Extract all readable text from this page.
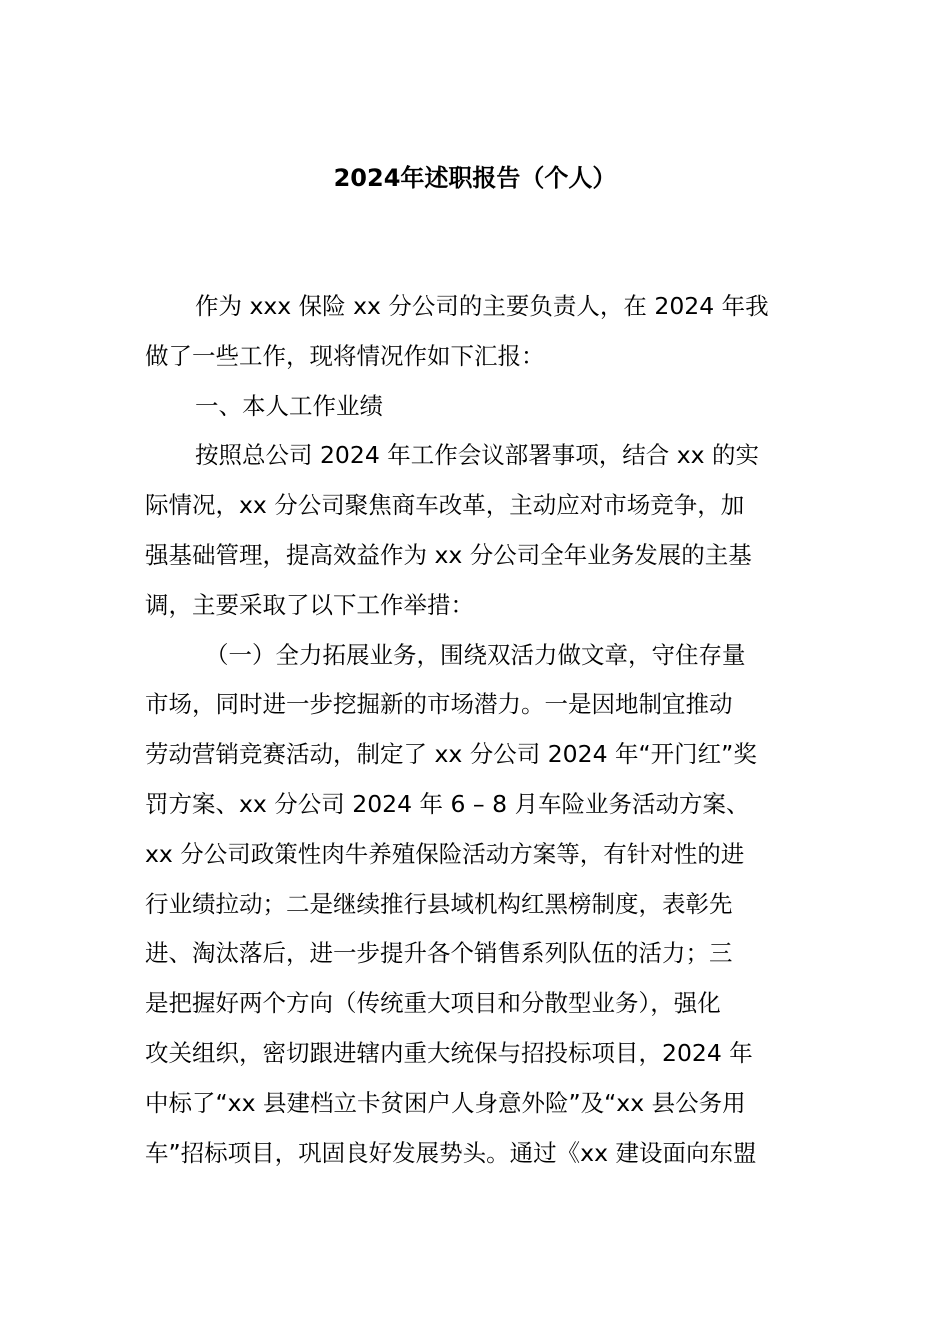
2024年述职报告（个人）
作为 xxx 保险 xx 分公司的主要负责人，在 2024 年我
做了一些工作，现将情况作如下汇报：
一、本人工作业绩
按照总公司 2024 年工作会议部署事项，结合 xx 的实
际情况，xx 分公司聚焦商车改革，主动应对市场竞争，加
强基础管理，提高效益作为 xx 分公司全年业务发展的主基
调，主要采取了以下工作举措：
（一）全力拓展业务，围绕双活力做文章，守住存量
市场，同时进一步挖掘新的市场潜力。一是因地制宜推动
劳动营销竞赛活动，制定了 xx 分公司 2024 年“开门红”奖
罚方案、xx 分公司 2024 年 6 – 8 月车险业务活动方案、
xx 分公司政策性肉牛养殖保险活动方案等，有针对性的进
行业绩拉动；二是继续推行县域机构红黑榜制度，表彰先
进、淘汰落后，进一步提升各个销售系列队伍的活力；三
是把握好两个方向（传统重大项目和分散型业务），强化
攻关组织，密切跟进辖内重大统保与招投标项目，2024 年
中标了“xx 县建档立卡贫困户人身意外险”及“xx 县公务用
车”招标项目，巩固良好发展势头。通过《xx 建设面向东盟
